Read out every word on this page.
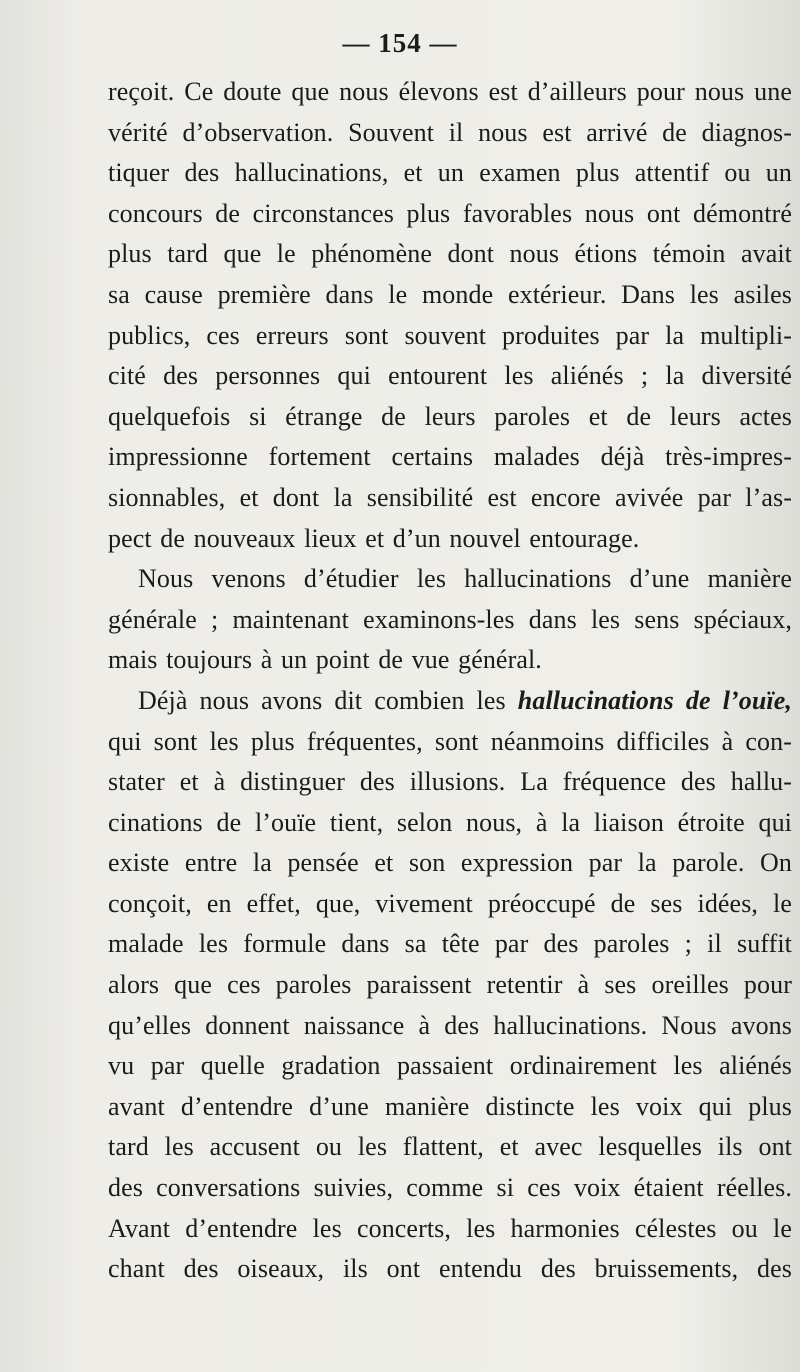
— 154 —
reçoit. Ce doute que nous élevons est d’ailleurs pour nous une
vérité d’observation. Souvent il nous est arrivé de diagnos-
tiquer des hallucinations, et un examen plus attentif ou un
concours de circonstances plus favorables nous ont démontré
plus tard que le phénomène dont nous étions témoin avait
sa cause première dans le monde extérieur. Dans les asiles
publics, ces erreurs sont souvent produites par la multipli-
cité des personnes qui entourent les aliénés ; la diversité
quelquefois si étrange de leurs paroles et de leurs actes
impressionne fortement certains malades déjà très-impres-
sionnables, et dont la sensibilité est encore avivée par l’as-
pect de nouveaux lieux et d’un nouvel entourage.
Nous venons d’étudier les hallucinations d’une manière
générale ; maintenant examinons-les dans les sens spéciaux,
mais toujours à un point de vue général.
Déjà nous avons dit combien les hallucinations de l’ouïe,
qui sont les plus fréquentes, sont néanmoins difficiles à con-
stater et à distinguer des illusions. La fréquence des hallu-
cinations de l’ouïe tient, selon nous, à la liaison étroite qui
existe entre la pensée et son expression par la parole. On
conçoit, en effet, que, vivement préoccupé de ses idées, le
malade les formule dans sa tête par des paroles ; il suffit
alors que ces paroles paraissent retentir à ses oreilles pour
qu’elles donnent naissance à des hallucinations. Nous avons
vu par quelle gradation passaient ordinairement les aliénés
avant d’entendre d’une manière distincte les voix qui plus
tard les accusent ou les flattent, et avec lesquelles ils ont
des conversations suivies, comme si ces voix étaient réelles.
Avant d’entendre les concerts, les harmonies célestes ou le
chant des oiseaux, ils ont entendu des bruissements, des
